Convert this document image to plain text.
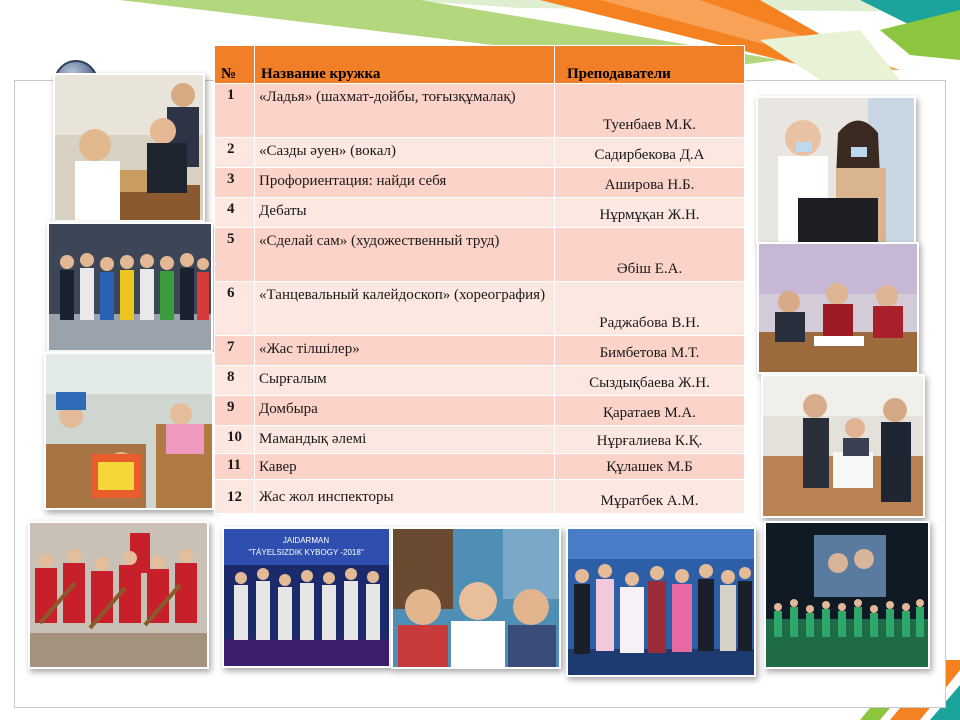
JAIDARMAN
"TÁYELSIZDIK KYBOGY -2018"
№	Название кружка	Преподаватели
1	«Ладья» (шахмат-дойбы, тоғызқұмалақ)	Туенбаев М.К.
2	«Сазды әуен» (вокал)	Садирбекова Д.А
3	Профориентация: найди себя	Аширова Н.Б.
4	Дебаты	Нұрмұқан Ж.Н.
5	«Сделай сам» (художественный труд)	Әбіш Е.А.
6	«Танцевальный калейдоскоп» (хореография)	Раджабова В.Н.
7	«Жас тілшілер»	Бимбетова М.Т.
8	Сырғалым	Сыздықбаева Ж.Н.
9	Домбыра	Қаратаев М.А.
10	Мамандық әлемі	Нұрғалиева К.Қ.
11	Кавер	Құлашек М.Б
12	Жас жол инспекторы	Мұратбек А.М.
